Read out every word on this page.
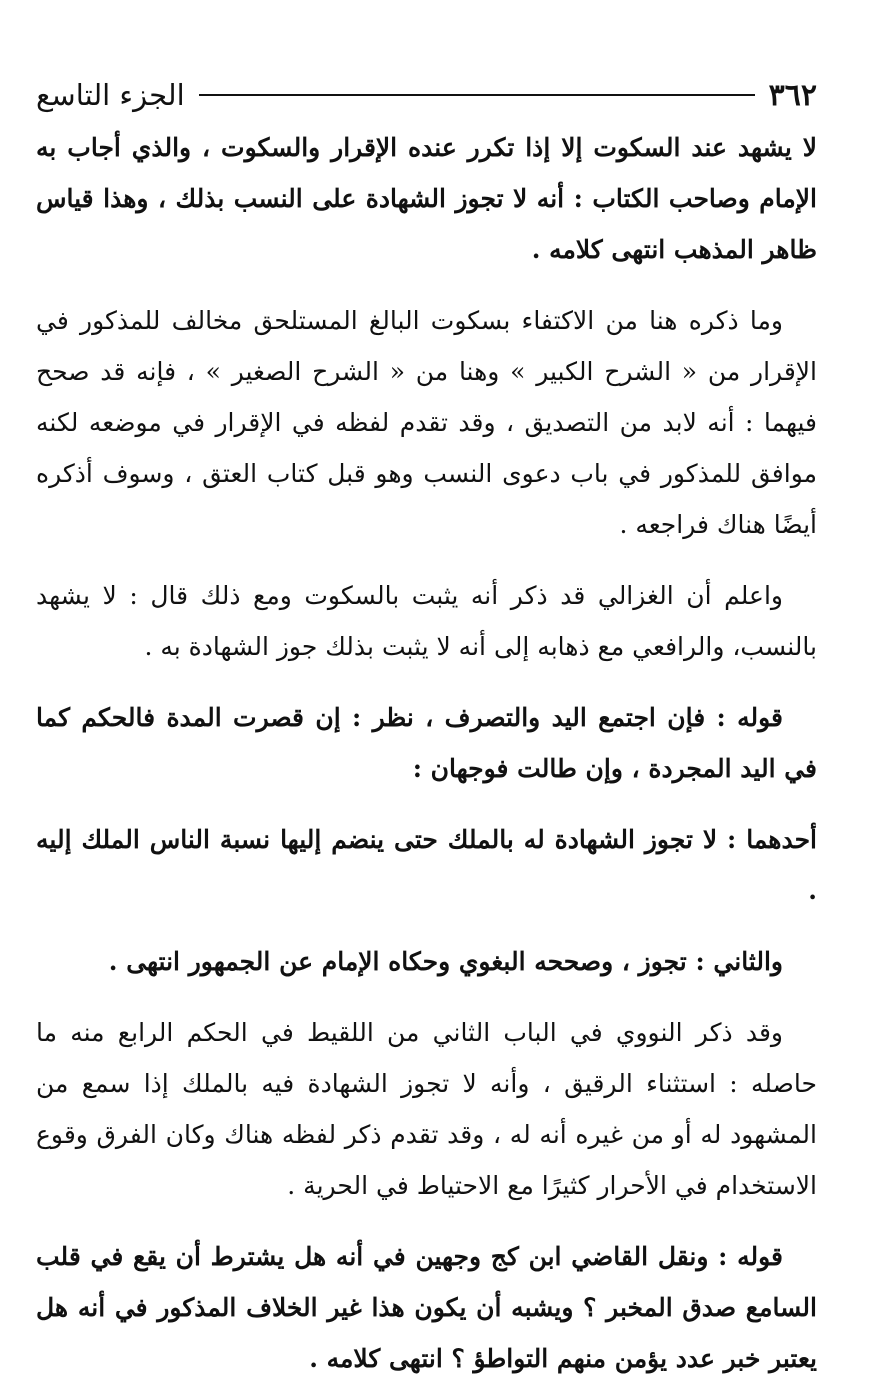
٣٦٢
الجزء التاسع

لا يشهد عند السكوت إلا إذا تكرر عنده الإقرار والسكوت ، والذي أجاب به الإمام وصاحب الكتاب : أنه لا تجوز الشهادة على النسب بذلك ، وهذا قياس ظاهر المذهب انتهى كلامه .

وما ذكره هنا من الاكتفاء بسكوت البالغ المستلحق مخالف للمذكور في الإقرار من « الشرح الكبير » وهنا من « الشرح الصغير » ، فإنه قد صحح فيهما : أنه لابد من التصديق ، وقد تقدم لفظه في الإقرار في موضعه لكنه موافق للمذكور في باب دعوى النسب وهو قبل كتاب العتق ، وسوف أذكره أيضًا هناك فراجعه .

واعلم أن الغزالي قد ذكر أنه يثبت بالسكوت ومع ذلك قال : لا يشهد بالنسب، والرافعي مع ذهابه إلى أنه لا يثبت بذلك جوز الشهادة به .

قوله : فإن اجتمع اليد والتصرف ، نظر : إن قصرت المدة فالحكم كما في اليد المجردة ، وإن طالت فوجهان :

أحدهما : لا تجوز الشهادة له بالملك حتى ينضم إليها نسبة الناس الملك إليه .

والثاني : تجوز ، وصححه البغوي وحكاه الإمام عن الجمهور انتهى .

وقد ذكر النووي في الباب الثاني من اللقيط في الحكم الرابع منه ما حاصله : استثناء الرقيق ، وأنه لا تجوز الشهادة فيه بالملك إذا سمع من المشهود له أو من غيره أنه له ، وقد تقدم ذكر لفظه هناك وكان الفرق وقوع الاستخدام في الأحرار كثيرًا مع الاحتياط في الحرية .

قوله : ونقل القاضي ابن كج وجهين في أنه هل يشترط أن يقع في قلب السامع صدق المخبر ؟ ويشبه أن يكون هذا غير الخلاف المذكور في أنه هل يعتبر خبر عدد يؤمن منهم التواطؤ ؟ انتهى كلامه .
